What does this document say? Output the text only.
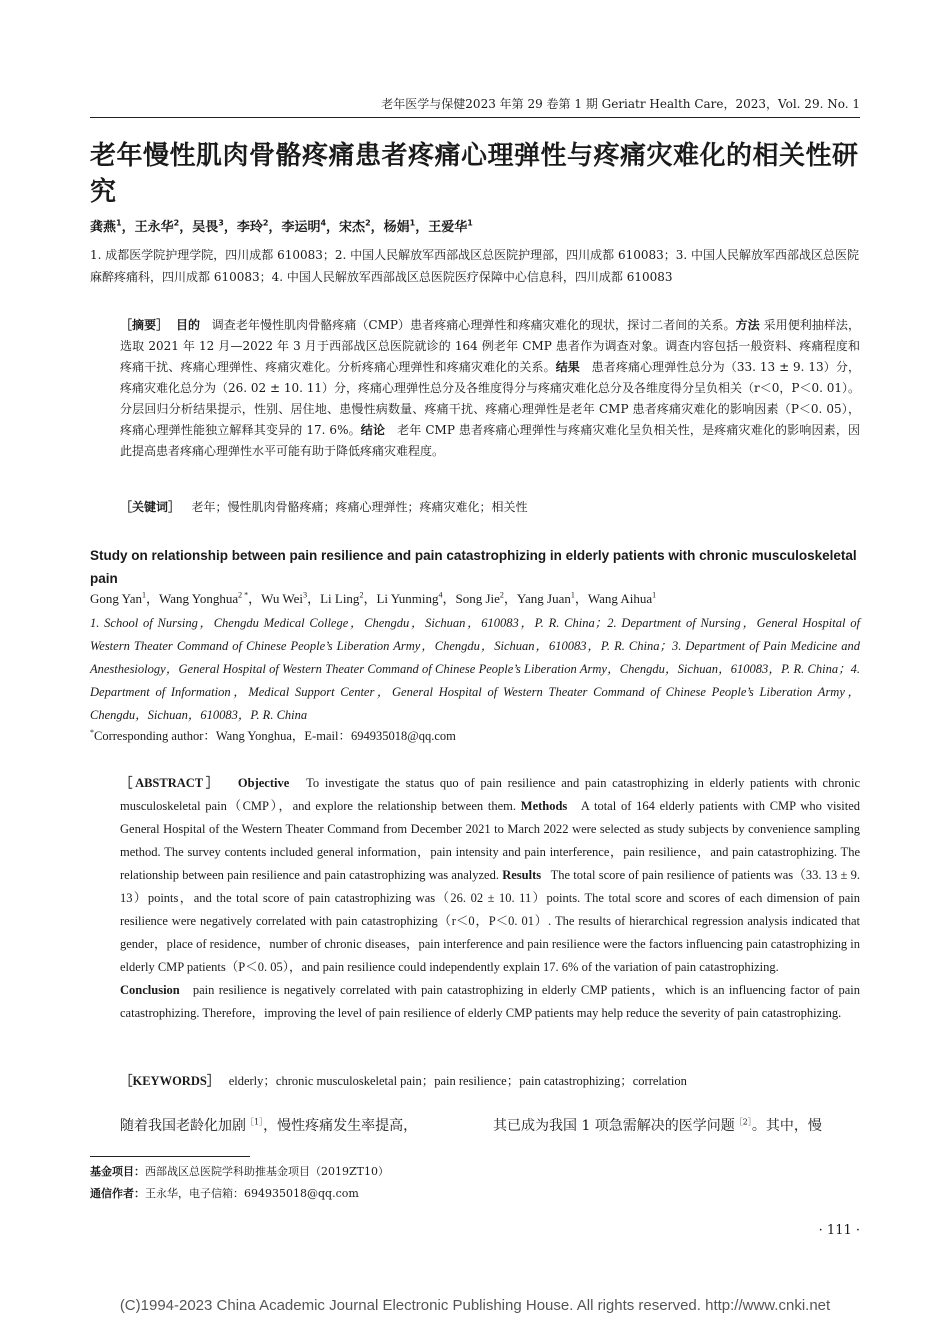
老年医学与保健2023 年第 29 卷第 1 期 Geriatr Health Care，2023，Vol. 29. No. 1
老年慢性肌肉骨骼疼痛患者疼痛心理弹性与疼痛灾难化的相关性研究
龚燕$^1$，王永华$^2$，吴畏$^3$，李玲$^2$，李运明$^4$，宋杰$^2$，杨娟$^1$，王爱华$^1$
1. 成都医学院护理学院，四川成都 610083；2. 中国人民解放军西部战区总医院护理部，四川成都 610083；3. 中国人民解放军西部战区总医院麻醉疼痛科，四川成都 610083；4. 中国人民解放军西部战区总医院医疗保障中心信息科，四川成都 610083
［摘要］ 目的 调查老年慢性肌肉骨骼疼痛（CMP）患者疼痛心理弹性和疼痛灾难化的现状，探讨二者间的关系。方法 采用便利抽样法，选取 2021 年 12 月—2022 年 3 月于西部战区总医院就诊的 164 例老年 CMP 患者作为调查对象。调查内容包括一般资料、疼痛程度和疼痛干扰、疼痛心理弹性、疼痛灾难化。分析疼痛心理弹性和疼痛灾难化的关系。结果 患者疼痛心理弹性总分为（33. 13 ± 9. 13）分，疼痛灾难化总分为（26. 02 ± 10. 11）分，疼痛心理弹性总分及各维度得分与疼痛灾难化总分及各维度得分呈负相关（r＜0，P＜0. 01）。分层回归分析结果提示，性别、居住地、患慢性病数量、疼痛干扰、疼痛心理弹性是老年 CMP 患者疼痛灾难化的影响因素（P＜0. 05），疼痛心理弹性能独立解释其变异的 17. 6%。结论 老年 CMP 患者疼痛心理弹性与疼痛灾难化呈负相关性，是疼痛灾难化的影响因素，因此提高患者疼痛心理弹性水平可能有助于降低疼痛灾难程度。
［关键词］ 老年；慢性肌肉骨骼疼痛；疼痛心理弹性；疼痛灾难化；相关性
Study on relationship between pain resilience and pain catastrophizing in elderly patients with chronic musculoskeletal pain
Gong Yan$^1$，Wang Yonghua$^{2 *}$，Wu Wei$^3$，Li Ling$^2$，Li Yunming$^4$，Song Jie$^2$，Yang Juan$^1$，Wang Aihua$^1$
1. School of Nursing，Chengdu Medical College，Chengdu，Sichuan，610083，P. R. China；2. Department of Nursing，General Hospital of Western Theater Command of Chinese People’s Liberation Army，Chengdu，Sichuan，610083，P. R. China；3. Department of Pain Medicine and Anesthesiology，General Hospital of Western Theater Command of Chinese People’s Liberation Army，Chengdu，Sichuan，610083，P. R. China；4. Department of Information，Medical Support Center，General Hospital of Western Theater Command of Chinese People’s Liberation Army，Chengdu，Sichuan，610083，P. R. China
*Corresponding author：Wang Yonghua，E-mail：694935018@qq.com
［ABSTRACT］ Objective To investigate the status quo of pain resilience and pain catastrophizing in elderly patients with chronic musculoskeletal pain（CMP），and explore the relationship between them. Methods A total of 164 elderly patients with CMP who visited General Hospital of the Western Theater Command from December 2021 to March 2022 were selected as study subjects by convenience sampling method. The survey contents included general information，pain intensity and pain interference，pain resilience，and pain catastrophizing. The relationship between pain resilience and pain catastrophizing was analyzed. Results The total score of pain resilience of patients was（33. 13 ± 9. 13）points，and the total score of pain catastrophizing was（26. 02 ± 10. 11）points. The total score and scores of each dimension of pain resilience were negatively correlated with pain catastrophizing（r＜0，P＜0. 01）. The results of hierarchical regression analysis indicated that gender，place of residence，number of chronic diseases，pain interference and pain resilience were the factors influencing pain catastrophizing in elderly CMP patients（P＜0. 05），and pain resilience could independently explain 17. 6% of the variation of pain catastrophizing.
Conclusion pain resilience is negatively correlated with pain catastrophizing in elderly CMP patients，which is an influencing factor of pain catastrophizing. Therefore，improving the level of pain resilience of elderly CMP patients may help reduce the severity of pain catastrophizing.
［KEYWORDS］ elderly；chronic musculoskeletal pain；pain resilience；pain catastrophizing；correlation
随着我国老龄化加剧$^{[1]}$，慢性疼痛发生率提高，	其已成为我国 1 项急需解决的医学问题$^{[2]}$。其中，慢
基金项目：西部战区总医院学科助推基金项目（2019ZT10）
通信作者：王永华，电子信箱：694935018@qq.com
· 111 ·
(C)1994-2023 China Academic Journal Electronic Publishing House. All rights reserved. http://www.cnki.net
